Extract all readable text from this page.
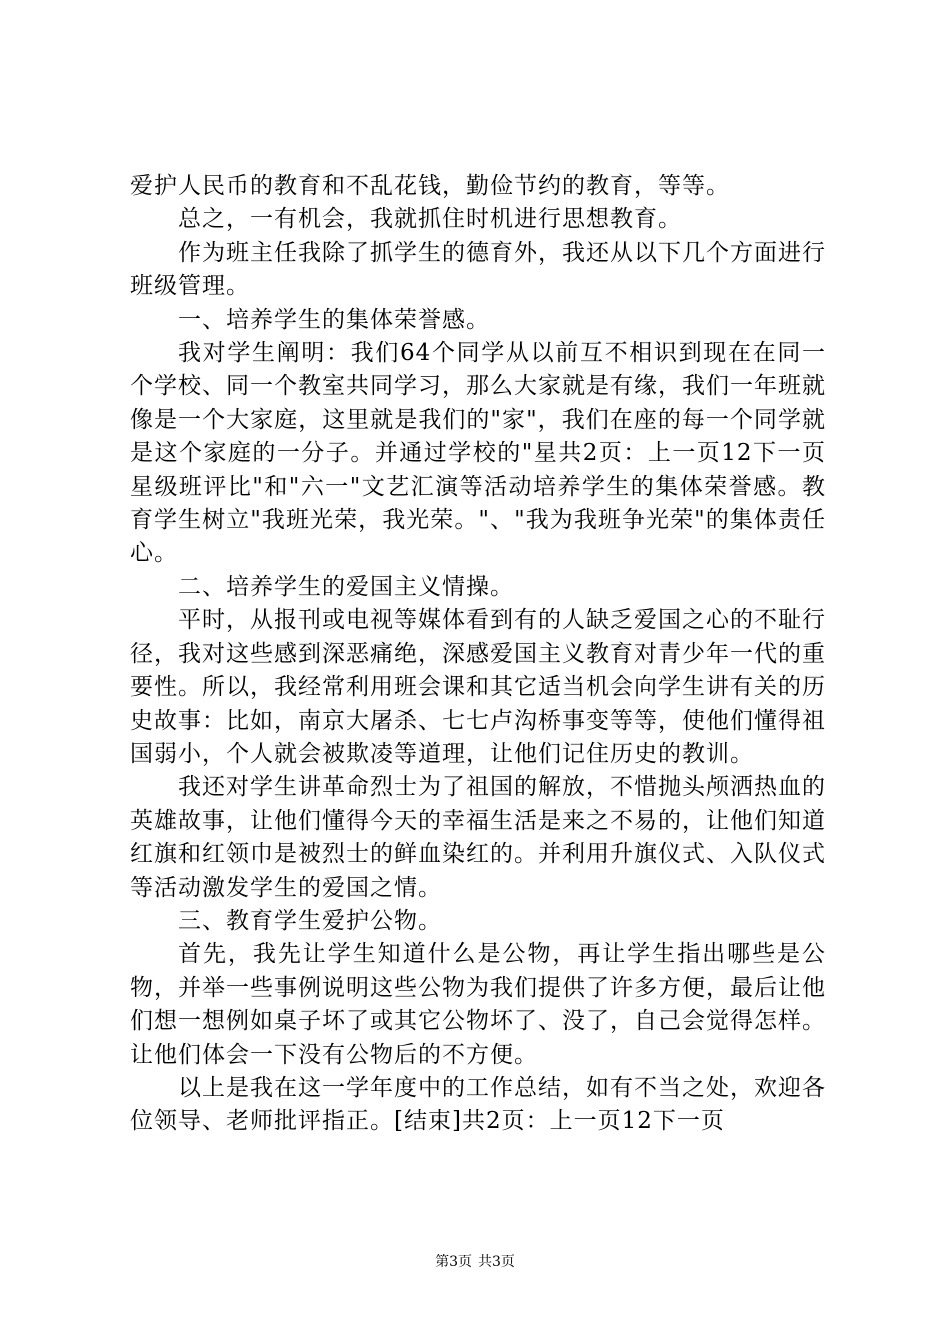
爱护人民币的教育和不乱花钱，勤俭节约的教育，等等。

总之，一有机会，我就抓住时机进行思想教育。

作为班主任我除了抓学生的德育外，我还从以下几个方面进行班级管理。

一、培养学生的集体荣誉感。

我对学生阐明：我们64个同学从以前互不相识到现在在同一个学校、同一个教室共同学习，那么大家就是有缘，我们一年班就像是一个大家庭，这里就是我们的"家"，我们在座的每一个同学就是这个家庭的一分子。并通过学校的"星共2页：上一页12下一页星级班评比"和"六一"文艺汇演等活动培养学生的集体荣誉感。教育学生树立"我班光荣，我光荣。"、"我为我班争光荣"的集体责任心。

二、培养学生的爱国主义情操。

平时，从报刊或电视等媒体看到有的人缺乏爱国之心的不耻行径，我对这些感到深恶痛绝，深感爱国主义教育对青少年一代的重要性。所以，我经常利用班会课和其它适当机会向学生讲有关的历史故事：比如，南京大屠杀、七七卢沟桥事变等等，使他们懂得祖国弱小，个人就会被欺凌等道理，让他们记住历史的教训。

我还对学生讲革命烈士为了祖国的解放，不惜抛头颅洒热血的英雄故事，让他们懂得今天的幸福生活是来之不易的，让他们知道红旗和红领巾是被烈士的鲜血染红的。并利用升旗仪式、入队仪式等活动激发学生的爱国之情。

三、教育学生爱护公物。

首先，我先让学生知道什么是公物，再让学生指出哪些是公物，并举一些事例说明这些公物为我们提供了许多方便，最后让他们想一想例如桌子坏了或其它公物坏了、没了，自己会觉得怎样。让他们体会一下没有公物后的不方便。

以上是我在这一学年度中的工作总结，如有不当之处，欢迎各位领导、老师批评指正。[结束]共2页：上一页12下一页

第3页 共3页
